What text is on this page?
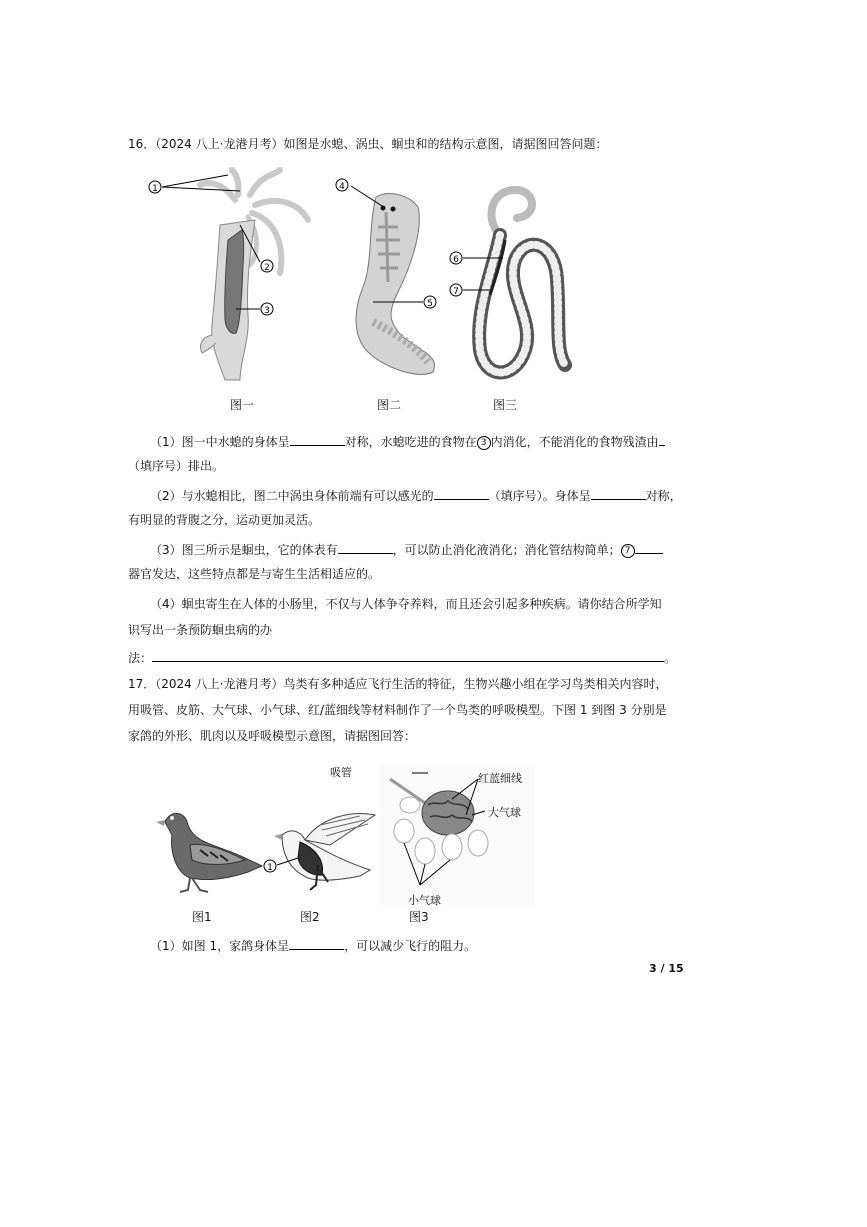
16．（2024 八上·龙港月考）如图是水螅、涡虫、蛔虫和的结构示意图，请据图回答问题：
1
2
3
4
5
6
7
图一	图二	图三
（1）图一中水螅的身体呈	对称，水螅吃进的食物在 3 内消化，不能消化的食物残渣由
（填序号）排出。
（2）与水螅相比，图二中涡虫身体前端有可以感光的	（填序号）。身体呈	对称，
有明显的背腹之分，运动更加灵活。
（3）图三所示是蛔虫，它的体表有	，可以防止消化液消化；消化管结构简单； 7
器官发达，这些特点都是与寄生生活相适应的。
（4）蛔虫寄生在人体的小肠里，不仅与人体争夺养料，而且还会引起多种疾病。请你结合所学知
识写出一条预防蛔虫病的办
法：	。
17．（2024 八上·龙港月考）鸟类有多种适应飞行生活的特征，生物兴趣小组在学习鸟类相关内容时，
用吸管、皮筋、大气球、小气球、红/蓝细线等材料制作了一个鸟类的呼吸模型。下图 1 到图 3 分别是
家鸽的外形、肌肉以及呼吸模型示意图，请据图回答：
1
吸管	红蓝细线
大气球
小气球
图1	图2	图3
（1）如图 1，家鸽身体呈	，可以减少飞行的阻力。
3 / 15
